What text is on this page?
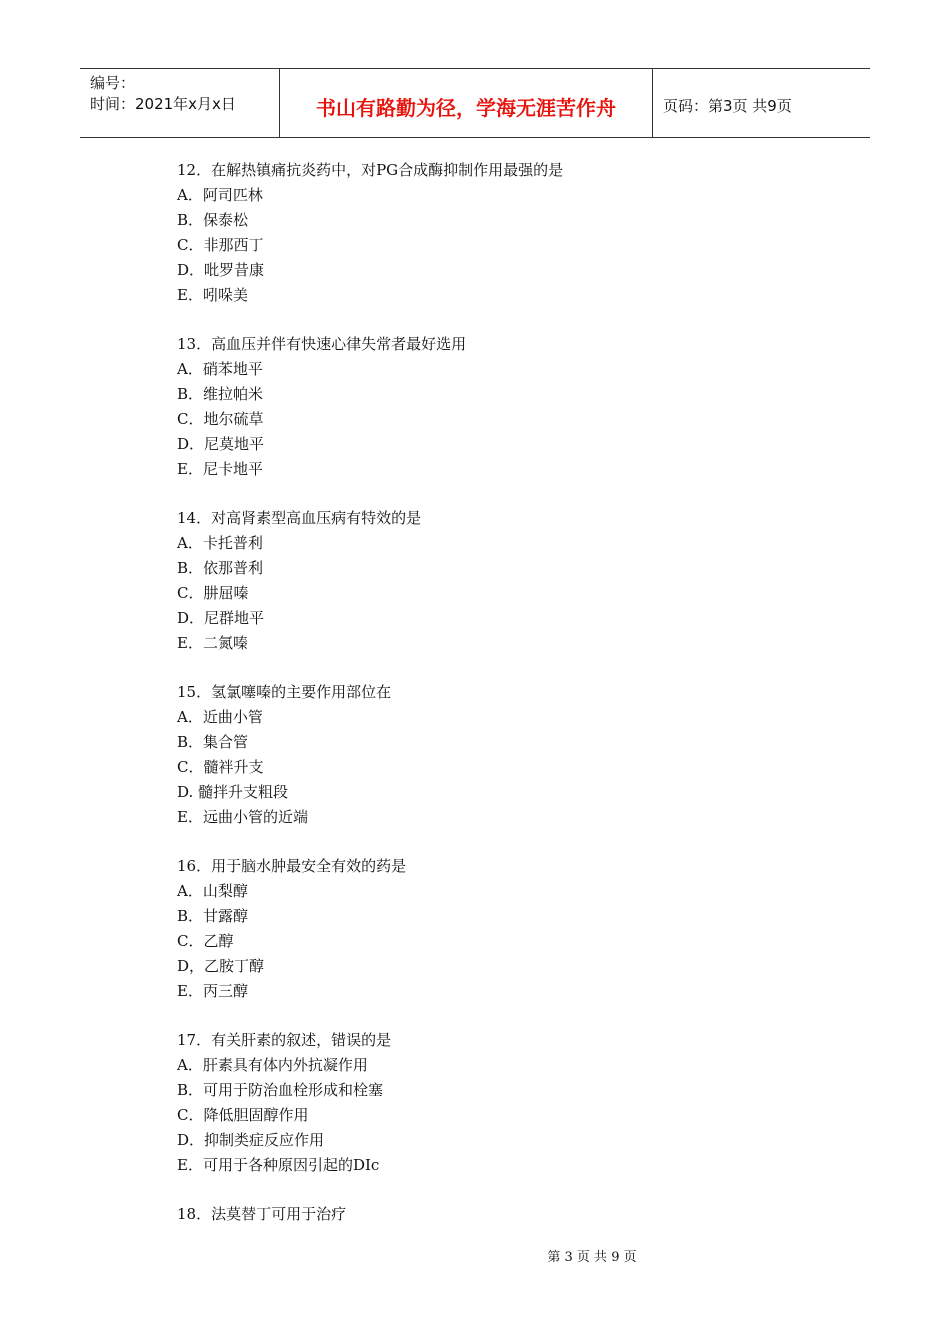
编号：
时间：2021年x月x日	书山有路勤为径，学海无涯苦作舟	页码：第3页 共9页
12．在解热镇痛抗炎药中，对PG合成酶抑制作用最强的是
A．阿司匹林
B．保泰松
C．非那西丁
D．吡罗昔康
E．吲哚美
13．高血压并伴有快速心律失常者最好选用
A．硝苯地平
B．维拉帕米
C．地尔硫草
D．尼莫地平
E．尼卡地平
14．对高肾素型高血压病有特效的是
A．卡托普利
B．依那普利
C．肼屈嗪
D．尼群地平
E．二氮嗪
15．氢氯噻嗪的主要作用部位在
A．近曲小管
B．集合管
C．髓袢升支
D. 髓拌升支粗段
E．远曲小管的近端
16．用于脑水肿最安全有效的药是
A．山梨醇
B．甘露醇
C．乙醇
D，乙胺丁醇
E．丙三醇
17．有关肝素的叙述，错误的是
A．肝素具有体内外抗凝作用
B．可用于防治血栓形成和栓塞
C．降低胆固醇作用
D．抑制类症反应作用
E．可用于各种原因引起的DIc
18．法莫替丁可用于治疗
第 3 页 共 9 页
